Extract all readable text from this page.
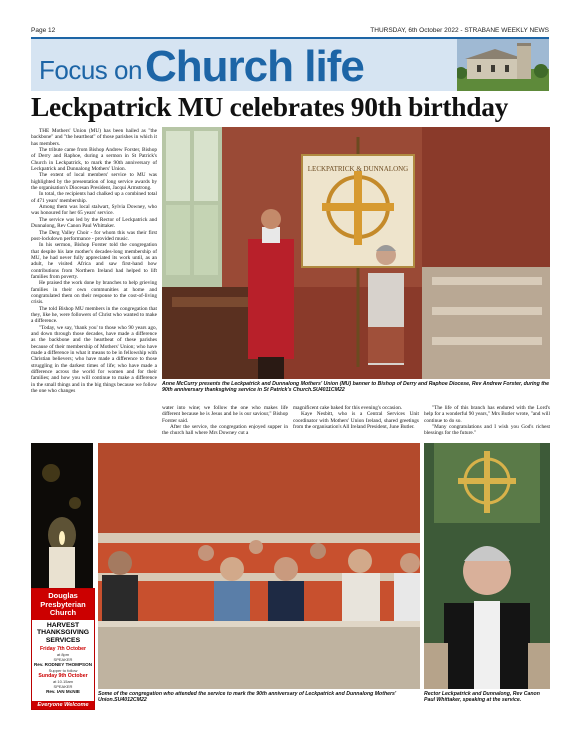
Page 12	THURSDAY, 6th October 2022 - STRABANE WEEKLY NEWS
Focus on Church life
Leckpatrick MU celebrates 90th birthday

THE Mothers' Union (MU) has been hailed as "the backbone" and "the heartbeat" of those parishes in which it has members.

The tribute came from Bishop Andrew Forster, Bishop of Derry and Raphoe, during a sermon in St Patrick's Church in Leckpatrick, to mark the 90th anniversary of Leckpatrick and Dunnalong Mothers' Union.

The extent of local members' service to MU was highlighted by the presentation of long service awards by the organisation's Diocesan President, Jacqui Armstrong.

In total, the recipients had chalked up a combined total of 471 years' membership.

Among them was local stalwart, Sylvia Downey, who was honoured for her 65 years' service.

The service was led by the Rector of Leckpatrick and Dunnalong, Rev Canon Paul Whittaker.

The Derg Valley Choir - for whom this was their first post-lockdown performance - provided music.

In his sermon, Bishop Forster told the congregation that despite his late mother's decades-long membership of MU, he had never fully appreciated its work until, as an adult, he visited Africa and saw first-hand how contributions from Northern Ireland had helped to lift families from poverty.

He praised the work done by branches to help grieving families in their own communities at home and congratulated them on their response to the cost-of-living crisis.

The told Bishop MU members in the congregation that they, like he, were followers of Christ who wanted to make a difference.

"Today, we say, 'thank you' to those who 90 years ago, and down through those decades, have made a difference as the backbone and the heartbeat of these parishes because of their membership of Mothers' Union; who have made a difference in what it means to be in fellowship with Christian believers; who have made a difference to those struggling in the darkest times of life; who have made a difference across the world for women and for their families; and how you will continue to make a difference in the small things and in the big things because we follow the one who changes

LECKPATRICK & DUNNALONG
Anne McCurry presents the Leckpatrick and Dunnalong Mothers' Union (MU) banner to Bishop of Derry and Raphoe Diocese, Rev Andrew Forster, during the 90th anniversary thanksgiving service in St Patrick's Church.SU4011CM22

water into wine; we follow the one who makes life different because he is Jesus and he is our saviour," Bishop Forster said.

After the service, the congregation enjoyed supper in the church hall where Mrs Downey cut a

magnificent cake baked for this evening's occasion.

Kaye Nesbitt, who is a Central Services Unit coordinator with Mothers' Union Ireland, shared greetings from the organisation's All Ireland President, June Butler.

"The life of this branch has endured with the Lord's help for a wonderful 90 years," Mrs Butler wrote, "and will continue to do so.

"Many congratulations and I wish you God's richest blessings for the future."

Douglas Presbyterian Church
HARVEST THANKSGIVING SERVICES
Friday 7th October
at 8pm
SPEAKER
Rev. RODNEY THOMPSON
Supper to follow
Sunday 9th October
at 10.15am
SPEAKER
Rev. IAN McNIE
Everyone Welcome
Some of the congregation who attended the service to mark the 90th anniversary of Leckpatrick and Dunnalong Mothers' Union.SU4012CM22
Rector Leckpatrick and Dunnalong, Rev Canon Paul Whittaker, speaking at the service.
